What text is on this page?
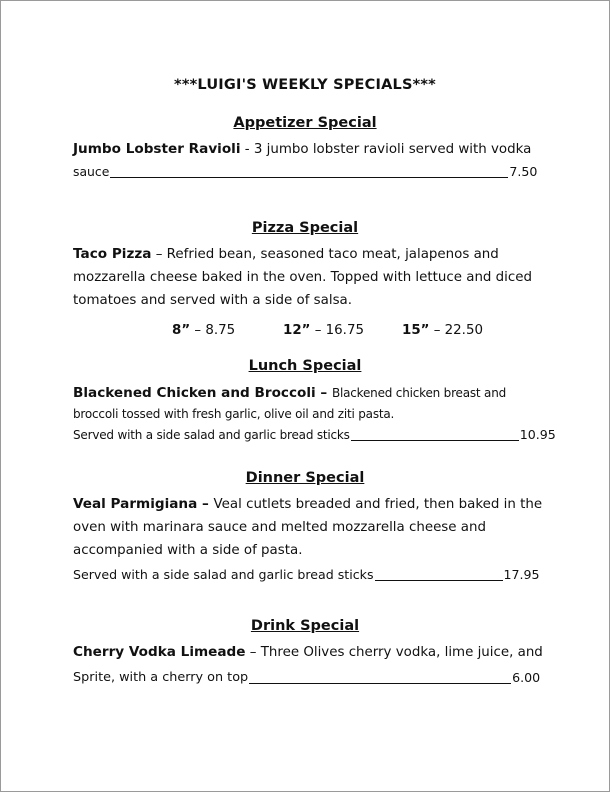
***LUIGI'S WEEKLY SPECIALS***
Appetizer Special
Jumbo Lobster Ravioli - 3 jumbo lobster ravioli served with vodka
sauce	7.50
Pizza Special
Taco Pizza – Refried bean, seasoned taco meat, jalapenos and
mozzarella cheese baked in the oven. Topped with lettuce and diced
tomatoes and served with a side of salsa.
8” – 8.75	12” – 16.75	15” – 22.50
Lunch Special
Blackened Chicken and Broccoli – Blackened chicken breast and
broccoli tossed with fresh garlic, olive oil and ziti pasta.
Served with a side salad and garlic bread sticks	10.95
Dinner Special
Veal Parmigiana – Veal cutlets breaded and fried, then baked in the
oven with marinara sauce and melted mozzarella cheese and
accompanied with a side of pasta.
Served with a side salad and garlic bread sticks	17.95
Drink Special
Cherry Vodka Limeade – Three Olives cherry vodka, lime juice, and
Sprite, with a cherry on top	6.00
